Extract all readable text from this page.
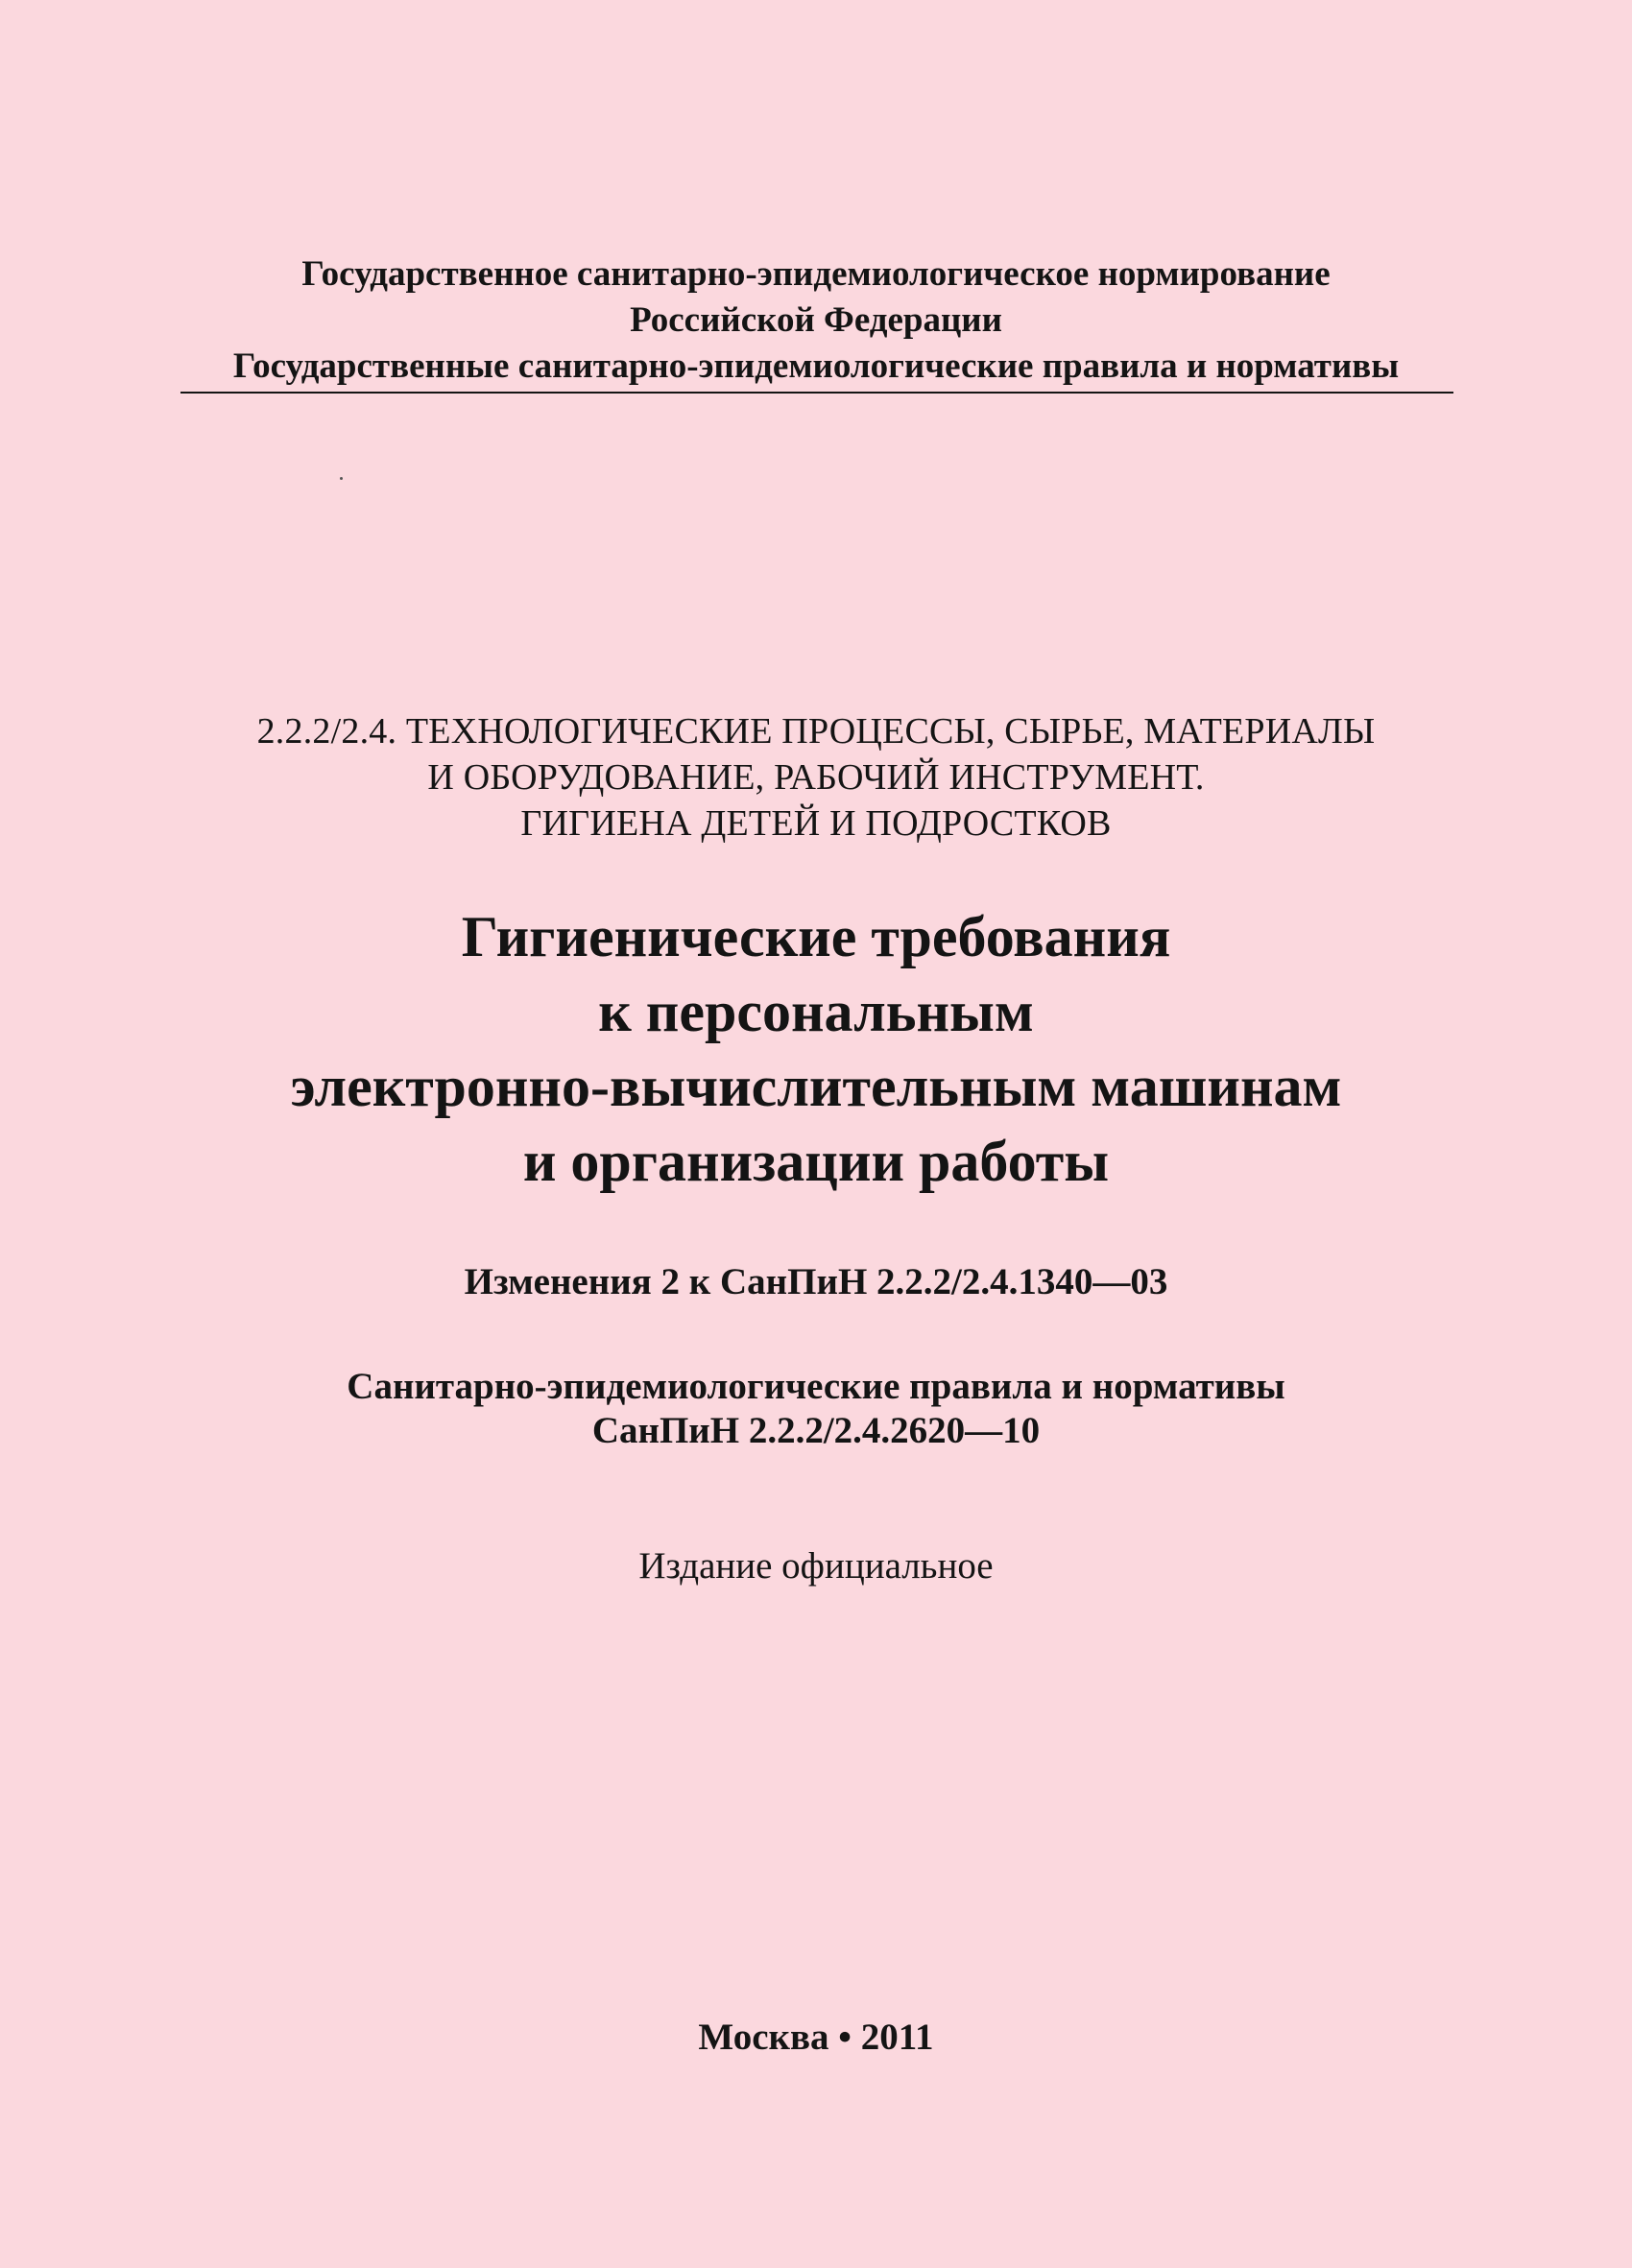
Государственное санитарно-эпидемиологическое нормирование
Российской Федерации
Государственные санитарно-эпидемиологические правила и нормативы
2.2.2/2.4. ТЕХНОЛОГИЧЕСКИЕ ПРОЦЕССЫ, СЫРЬЕ, МАТЕРИАЛЫ
И ОБОРУДОВАНИЕ, РАБОЧИЙ ИНСТРУМЕНТ.
ГИГИЕНА ДЕТЕЙ И ПОДРОСТКОВ
Гигиенические требования
к персональным
электронно-вычислительным машинам
и организации работы
Изменения 2 к СанПиН 2.2.2/2.4.1340—03
Санитарно-эпидемиологические правила и нормативы
СанПиН 2.2.2/2.4.2620—10
Издание официальное
Москва • 2011
